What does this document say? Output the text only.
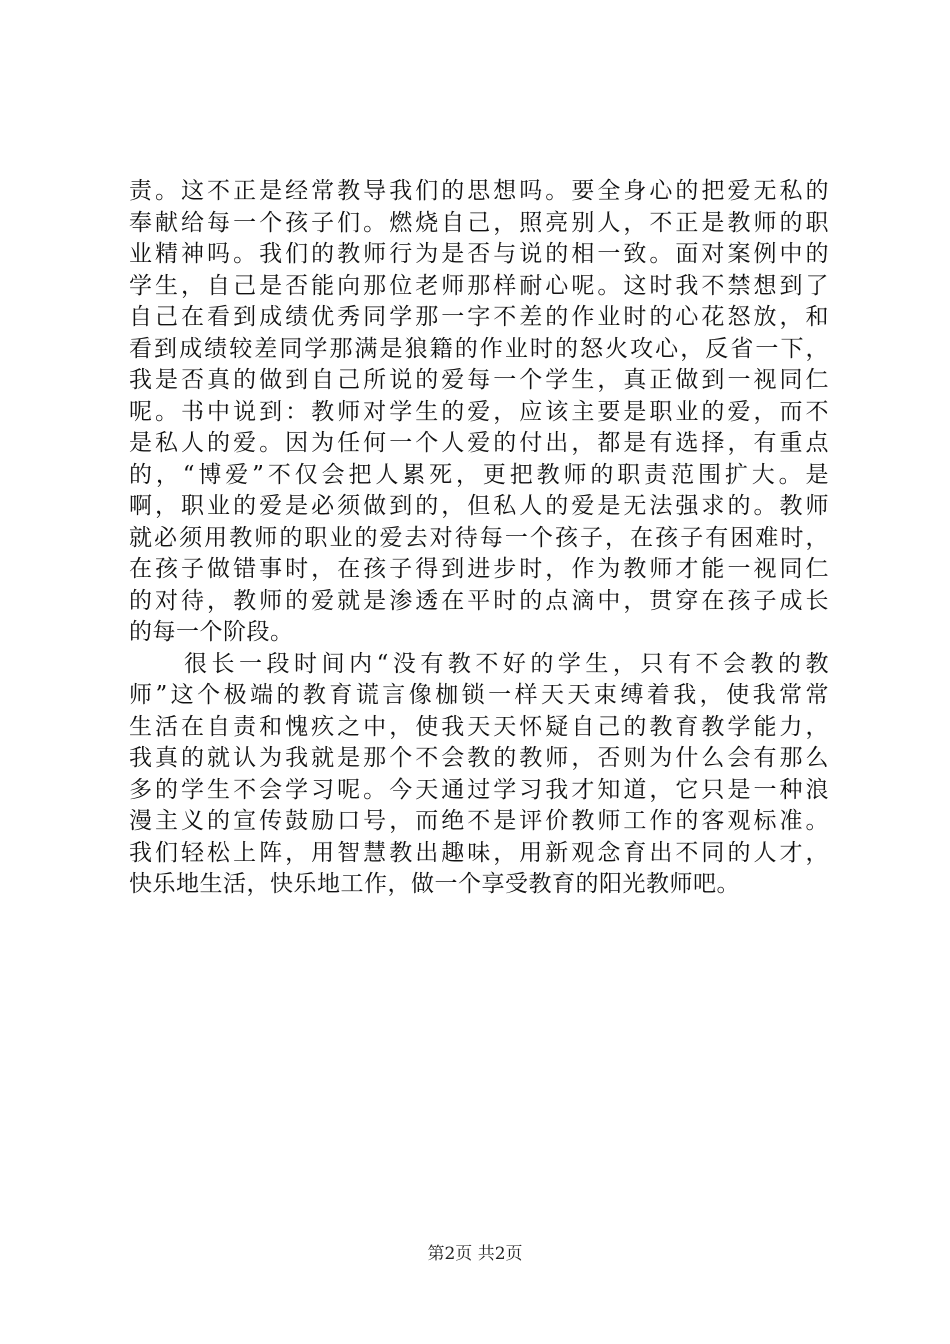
责。这不正是经常教导我们的思想吗。要全身心的把爱无私的
奉献给每一个孩子们。燃烧自己，照亮别人，不正是教师的职
业精神吗。我们的教师行为是否与说的相一致。面对案例中的
学生，自己是否能向那位老师那样耐心呢。这时我不禁想到了
自己在看到成绩优秀同学那一字不差的作业时的心花怒放，和
看到成绩较差同学那满是狼籍的作业时的怒火攻心，反省一下，
我是否真的做到自己所说的爱每一个学生，真正做到一视同仁
呢。书中说到：教师对学生的爱，应该主要是职业的爱，而不
是私人的爱。因为任何一个人爱的付出，都是有选择，有重点
的，“博爱”不仅会把人累死，更把教师的职责范围扩大。是
啊，职业的爱是必须做到的，但私人的爱是无法强求的。教师
就必须用教师的职业的爱去对待每一个孩子，在孩子有困难时，
在孩子做错事时，在孩子得到进步时，作为教师才能一视同仁
的对待，教师的爱就是渗透在平时的点滴中，贯穿在孩子成长
的每一个阶段。
　　很长一段时间内“没有教不好的学生，只有不会教的教
师”这个极端的教育谎言像枷锁一样天天束缚着我，使我常常
生活在自责和愧疚之中，使我天天怀疑自己的教育教学能力，
我真的就认为我就是那个不会教的教师，否则为什么会有那么
多的学生不会学习呢。今天通过学习我才知道，它只是一种浪
漫主义的宣传鼓励口号，而绝不是评价教师工作的客观标准。
我们轻松上阵，用智慧教出趣味，用新观念育出不同的人才，
快乐地生活，快乐地工作，做一个享受教育的阳光教师吧。
第2页 共2页
